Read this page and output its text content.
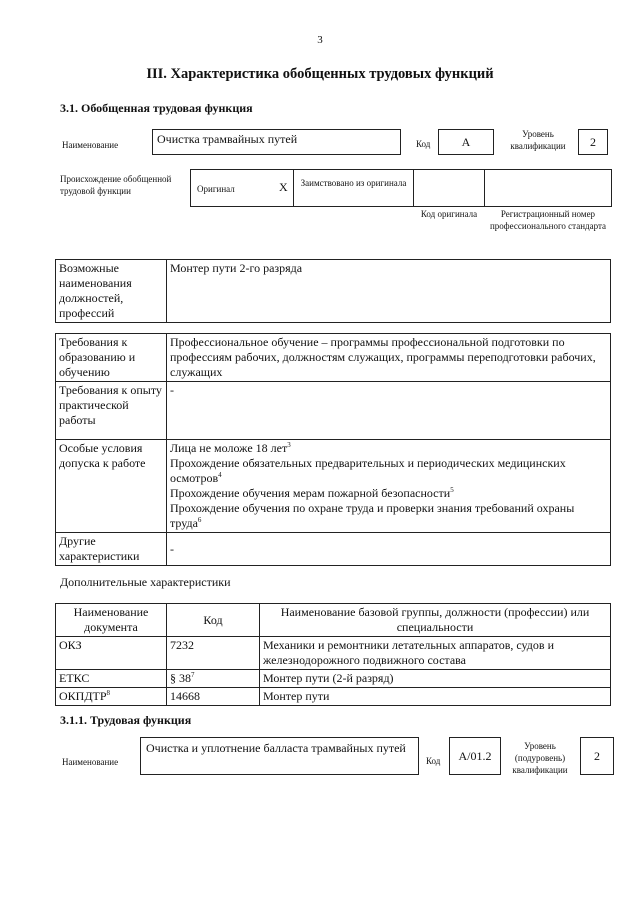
3
III. Характеристика обобщенных трудовых функций
3.1. Обобщенная трудовая функция
Наименование	Очистка трамвайных путей	Код	A
Уровень квалификации	2
Происхождение обобщенной трудовой функции	Оригинал	X Заимствовано из оригинала
Код оригинала	Регистрационный номер профессионального стандарта
Возможные наименования должностей, профессий	Монтер пути 2-го разряда
Требования к образованию и обучению	Профессиональное обучение – программы профессиональной подготовки по профессиям рабочих, должностям служащих, программы переподготовки рабочих, служащих
Требования к опыту практической работы	-
Особые условия допуска к работе	Лица не моложе 18 лет$^3$
Прохождение обязательных предварительных и периодических медицинских осмотров$^4$
Прохождение обучения мерам пожарной безопасности$^5$
Прохождение обучения по охране труда и проверки знания требований охраны труда$^6$

Другие характеристики	-
Дополнительные характеристики
Наименование документа	Код	Наименование базовой группы, должности (профессии) или специальности
ОКЗ	7232	Механики и ремонтники летательных аппаратов, судов и железнодорожного подвижного состава
ЕТКС	§ $38^7$	Монтер пути (2-й разряд)
ОКПДТР$^8$	14668	Монтер пути
3.1.1. Трудовая функция
Наименование
Очистка и уплотнение балласта трамвайных путей
Код	A/01.2
Уровень (подуровень) квалификации
2
